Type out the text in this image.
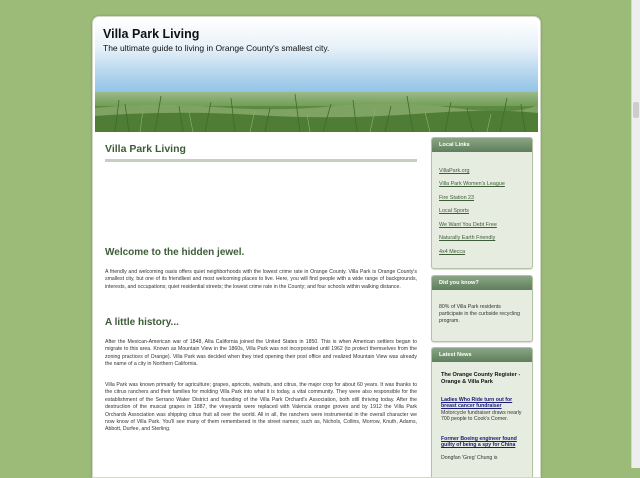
Villa Park Living

The ultimate guide to living in Orange County's smallest city.

Villa Park Living
Welcome to the hidden jewel.

A friendly and welcoming oasis offers quiet neighborhoods with the lowest crime rate in Orange County. Villa Park is Orange County's smallest city, but one of its friendliest and most welcoming places to live. Here, you will find people with a wide range of backgrounds, interests, and occupations; quiet residential streets; the lowest crime rate in the County; and four schools within walking distance.

A little history...

After the Mexican-American war of 1848, Alta California joined the United States in 1850. This is when American settlers began to migrate to this area. Known as Mountain View in the 1860s, Villa Park was not incorporated until 1962 (to protect themselves from the zoning practices of Orange). Villa Park was decided when they tried opening their post office and realized Mountain View was already the name of a city in Northern California.

Villa Park was known primarily for agriculture; grapes, apricots, walnuts, and citrus, the major crop for about 60 years. It was thanks to the citrus ranchers and their families for molding Villa Park into what it is today, a vital community. They were also responsible for the establishment of the Serrano Water District and founding of the Villa Park Orchard's Association, both still thriving today. After the destruction of the muscat grapes in 1887, the vineyards were replaced with Valencia orange groves and by 1912 the Villa Park Orchards Association was shipping citrus fruit all over the world. All in all, the ranchers were instrumental in the overall character we now know of Villa Park. You'll see many of them remembered in the street names; such as, Nichols, Collins, Morrow, Knuth, Adams, Abbott, Durfee, and Sterling.

Local Links
VillaPark.org
Villa Park Women's League
Fire Station 23
Local Sports
We Want You Debt Free
Naturally Earth Friendly
4x4 Mecca
Did you know?

80% of Villa Park residents participate in the curbside recycling program.

Latest News

The Orange County Register - Orange & Villa Park

Ladies Who Ride turn out for breast cancer fundraiser

Motorcycle fundraiser draws nearly 700 people to Cook's Corner.

Former Boeing engineer found guilty of being a spy for China

Dongfan 'Greg' Chung is
